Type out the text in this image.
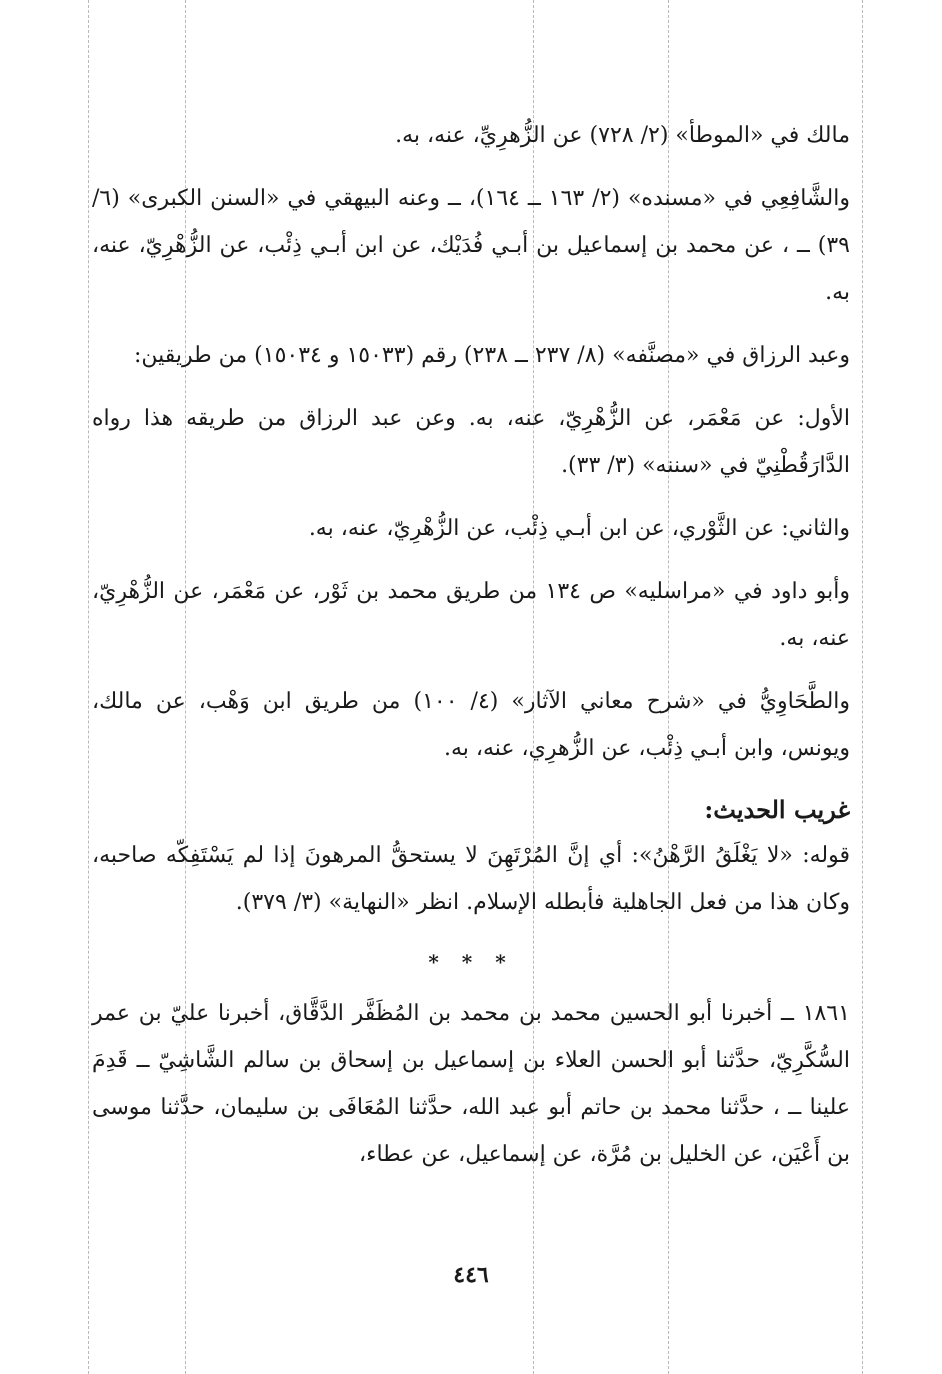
مالك في «الموطأ» (٢/ ٧٢٨) عن الزُّهرِيِّ، عنه، به.

والشَّافِعِي في «مسنده» (٢/ ١٦٣ ــ ١٦٤)، ــ وعنه البيهقي في «السنن الكبرى» (٦/ ٣٩) ــ ، عن محمد بن إسماعيل بن أبـي فُدَيْك، عن ابن أبـي ذِئْب، عن الزُّهْرِيّ، عنه، به.

وعبد الرزاق في «مصنَّفه» (٨/ ٢٣٧ ــ ٢٣٨) رقم (١٥٠٣٣ و ١٥٠٣٤) من طريقين:

الأول: عن مَعْمَر، عن الزُّهْرِيّ، عنه، به. وعن عبد الرزاق من طريقه هذا رواه الدَّارَقُطْنِيّ في «سننه» (٣/ ٣٣).

والثاني: عن الثَّوْري، عن ابن أبـي ذِئْب، عن الزُّهْرِيّ، عنه، به.

وأبو داود في «مراسليه» ص ١٣٤ من طريق محمد بن ثَوْر، عن مَعْمَر، عن الزُّهْرِيّ، عنه، به.

والطَّحَاوِيُّ في «شرح معاني الآثار» (٤/ ١٠٠) من طريق ابن وَهْب، عن مالك، ويونس، وابن أبـي ذِئْب، عن الزُّهرِي، عنه، به.

غريب الحديث:

قوله: «لا يَغْلَقُ الرَّهْنُ»: أي إنَّ المُرْتَهِنَ لا يستحقُّ المرهونَ إذا لم يَسْتَفِكّه صاحبه، وكان هذا من فعل الجاهلية فأبطله الإسلام. انظر «النهاية» (٣/ ٣٧٩).

* * *

١٨٦١ ــ أخبرنا أبو الحسين محمد بن محمد بن المُظَفَّر الدَّقَّاق، أخبرنا عليّ بن عمر السُّكَّرِيّ، حدَّثنا أبو الحسن العلاء بن إسماعيل بن إسحاق بن سالم الشَّاشِيّ ــ قَدِمَ علينا ــ ، حدَّثنا محمد بن حاتم أبو عبد الله، حدَّثنا المُعَافَى بن سليمان، حدَّثنا موسى بن أَعْيَن، عن الخليل بن مُرَّة، عن إسماعيل، عن عطاء،

٤٤٦
